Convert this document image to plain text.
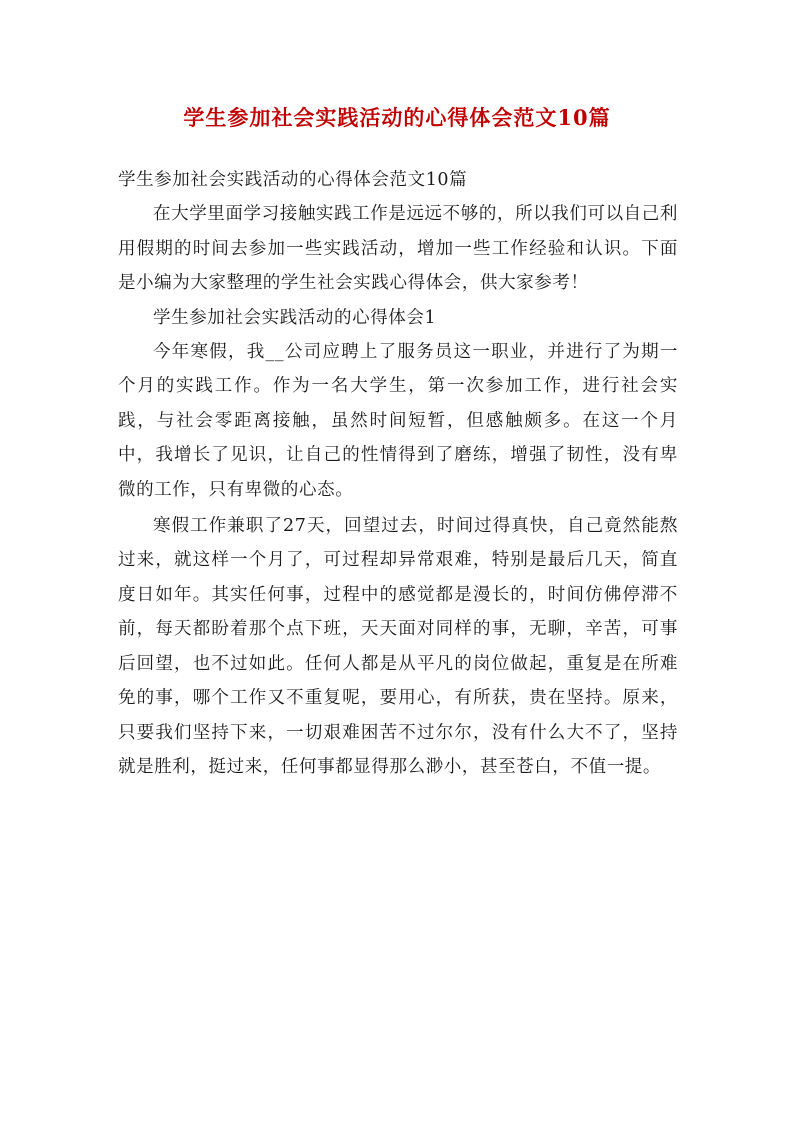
学生参加社会实践活动的心得体会范文10篇

学生参加社会实践活动的心得体会范文10篇

在大学里面学习接触实践工作是远远不够的，所以我们可以自己利用假期的时间去参加一些实践活动，增加一些工作经验和认识。下面是小编为大家整理的学生社会实践心得体会，供大家参考！

学生参加社会实践活动的心得体会1

今年寒假，我__公司应聘上了服务员这一职业，并进行了为期一个月的实践工作。作为一名大学生，第一次参加工作，进行社会实践，与社会零距离接触，虽然时间短暂，但感触颇多。在这一个月中，我增长了见识，让自己的性情得到了磨练，增强了韧性，没有卑微的工作，只有卑微的心态。

寒假工作兼职了27天，回望过去，时间过得真快，自己竟然能熬过来，就这样一个月了，可过程却异常艰难，特别是最后几天，简直度日如年。其实任何事，过程中的感觉都是漫长的，时间仿佛停滞不前，每天都盼着那个点下班，天天面对同样的事，无聊，辛苦，可事后回望，也不过如此。任何人都是从平凡的岗位做起，重复是在所难免的事，哪个工作又不重复呢，要用心，有所获，贵在坚持。原来，只要我们坚持下来，一切艰难困苦不过尔尔，没有什么大不了，坚持就是胜利，挺过来，任何事都显得那么渺小，甚至苍白，不值一提。
